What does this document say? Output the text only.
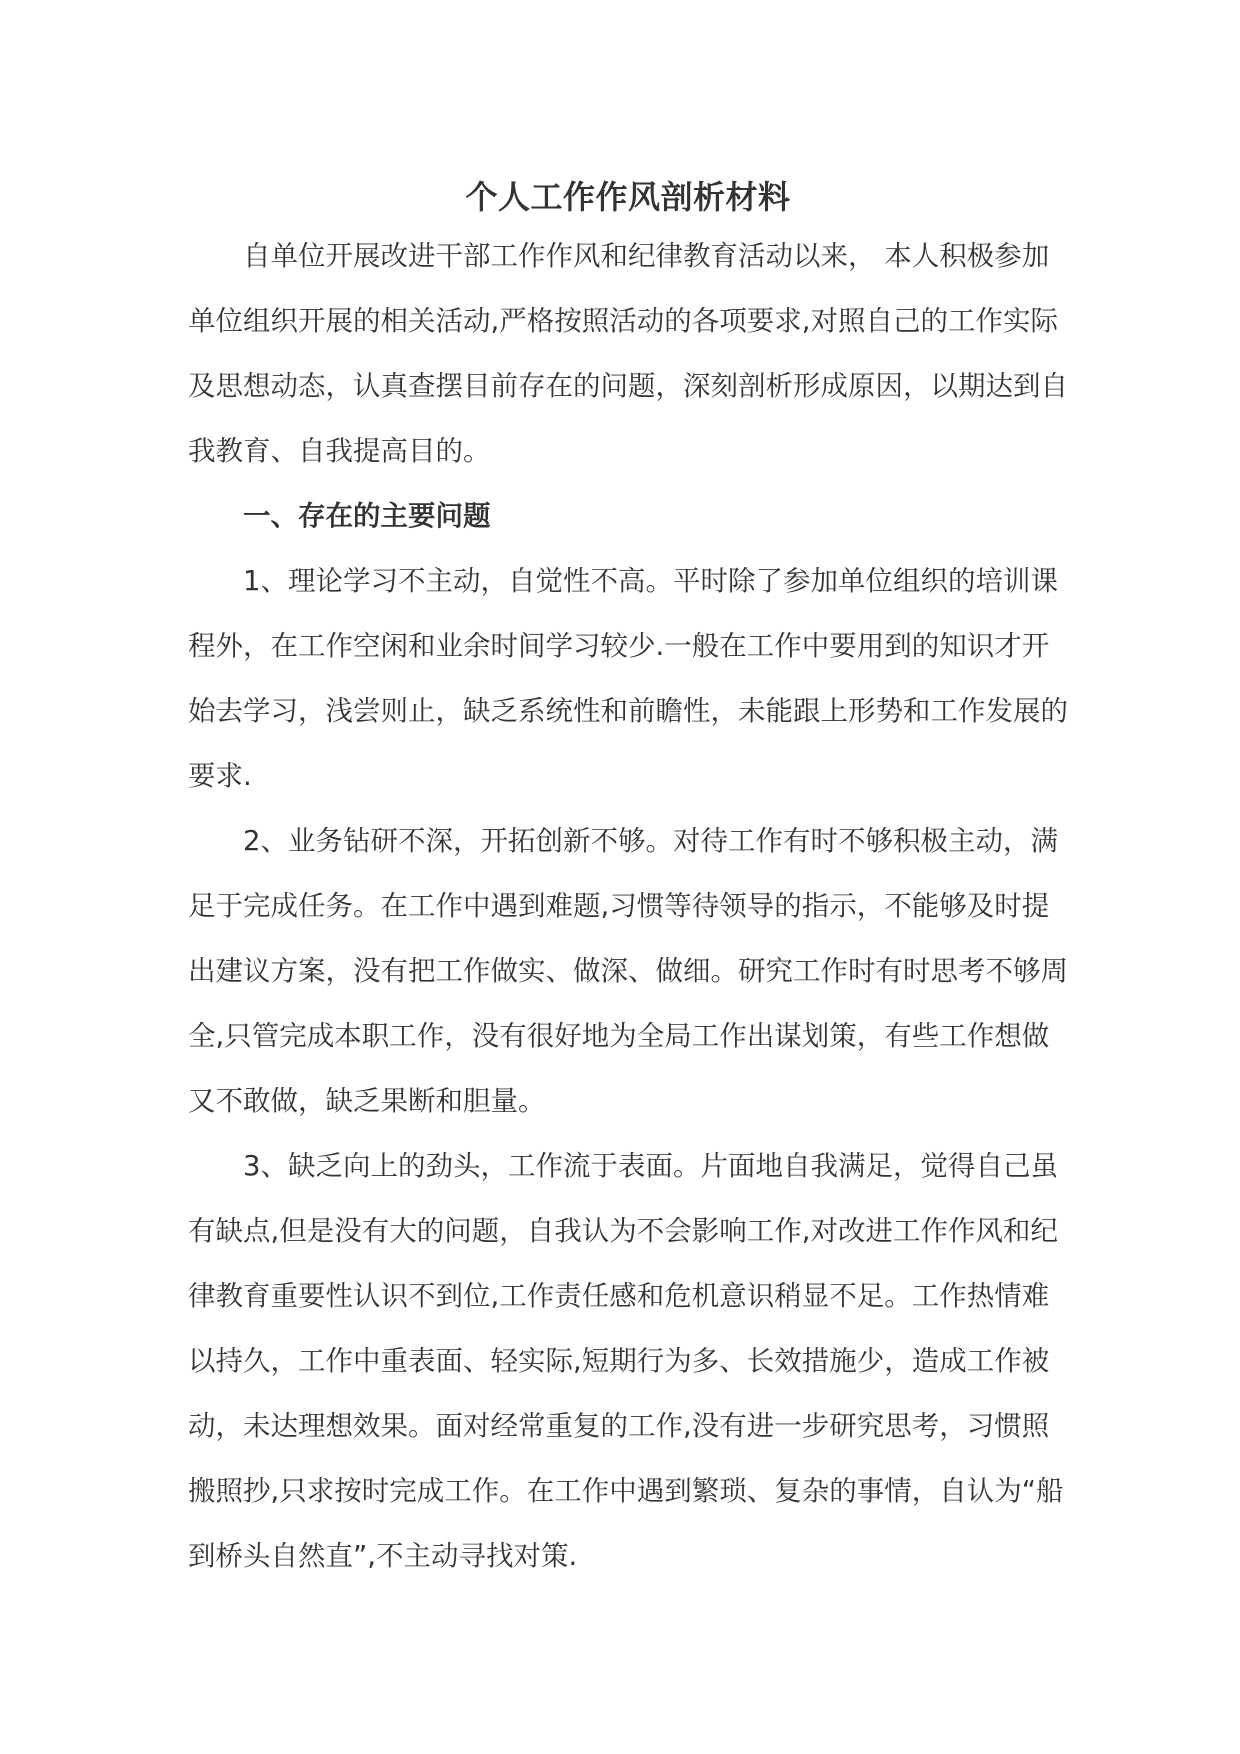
个人工作作风剖析材料

自单位开展改进干部工作作风和纪律教育活动以来， 本人积极参加单位组织开展的相关活动,严格按照活动的各项要求,对照自己的工作实际及思想动态，认真查摆目前存在的问题，深刻剖析形成原因，以期达到自我教育、自我提高目的。

一、存在的主要问题

1、理论学习不主动，自觉性不高。平时除了参加单位组织的培训课程外，在工作空闲和业余时间学习较少.一般在工作中要用到的知识才开始去学习，浅尝则止，缺乏系统性和前瞻性，未能跟上形势和工作发展的要求.

2、业务钻研不深，开拓创新不够。对待工作有时不够积极主动，满足于完成任务。在工作中遇到难题,习惯等待领导的指示，不能够及时提出建议方案，没有把工作做实、做深、做细。研究工作时有时思考不够周全,只管完成本职工作，没有很好地为全局工作出谋划策，有些工作想做又不敢做，缺乏果断和胆量。

3、缺乏向上的劲头，工作流于表面。片面地自我满足，觉得自己虽有缺点,但是没有大的问题，自我认为不会影响工作,对改进工作作风和纪律教育重要性认识不到位,工作责任感和危机意识稍显不足。工作热情难以持久，工作中重表面、轻实际,短期行为多、长效措施少，造成工作被动，未达理想效果。面对经常重复的工作,没有进一步研究思考，习惯照搬照抄,只求按时完成工作。在工作中遇到繁琐、复杂的事情，自认为“船到桥头自然直”,不主动寻找对策.
